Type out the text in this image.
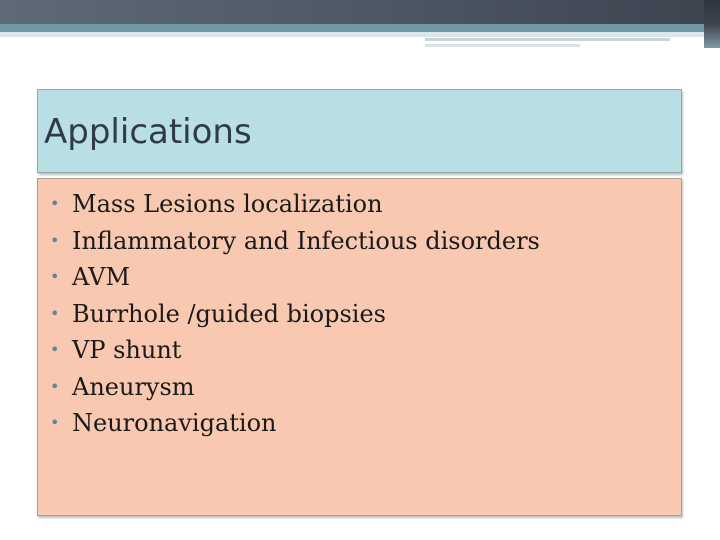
Applications
• Mass Lesions localization
• Inflammatory and Infectious disorders
• AVM
• Burrhole /guided biopsies
• VP shunt
• Aneurysm
• Neuronavigation
